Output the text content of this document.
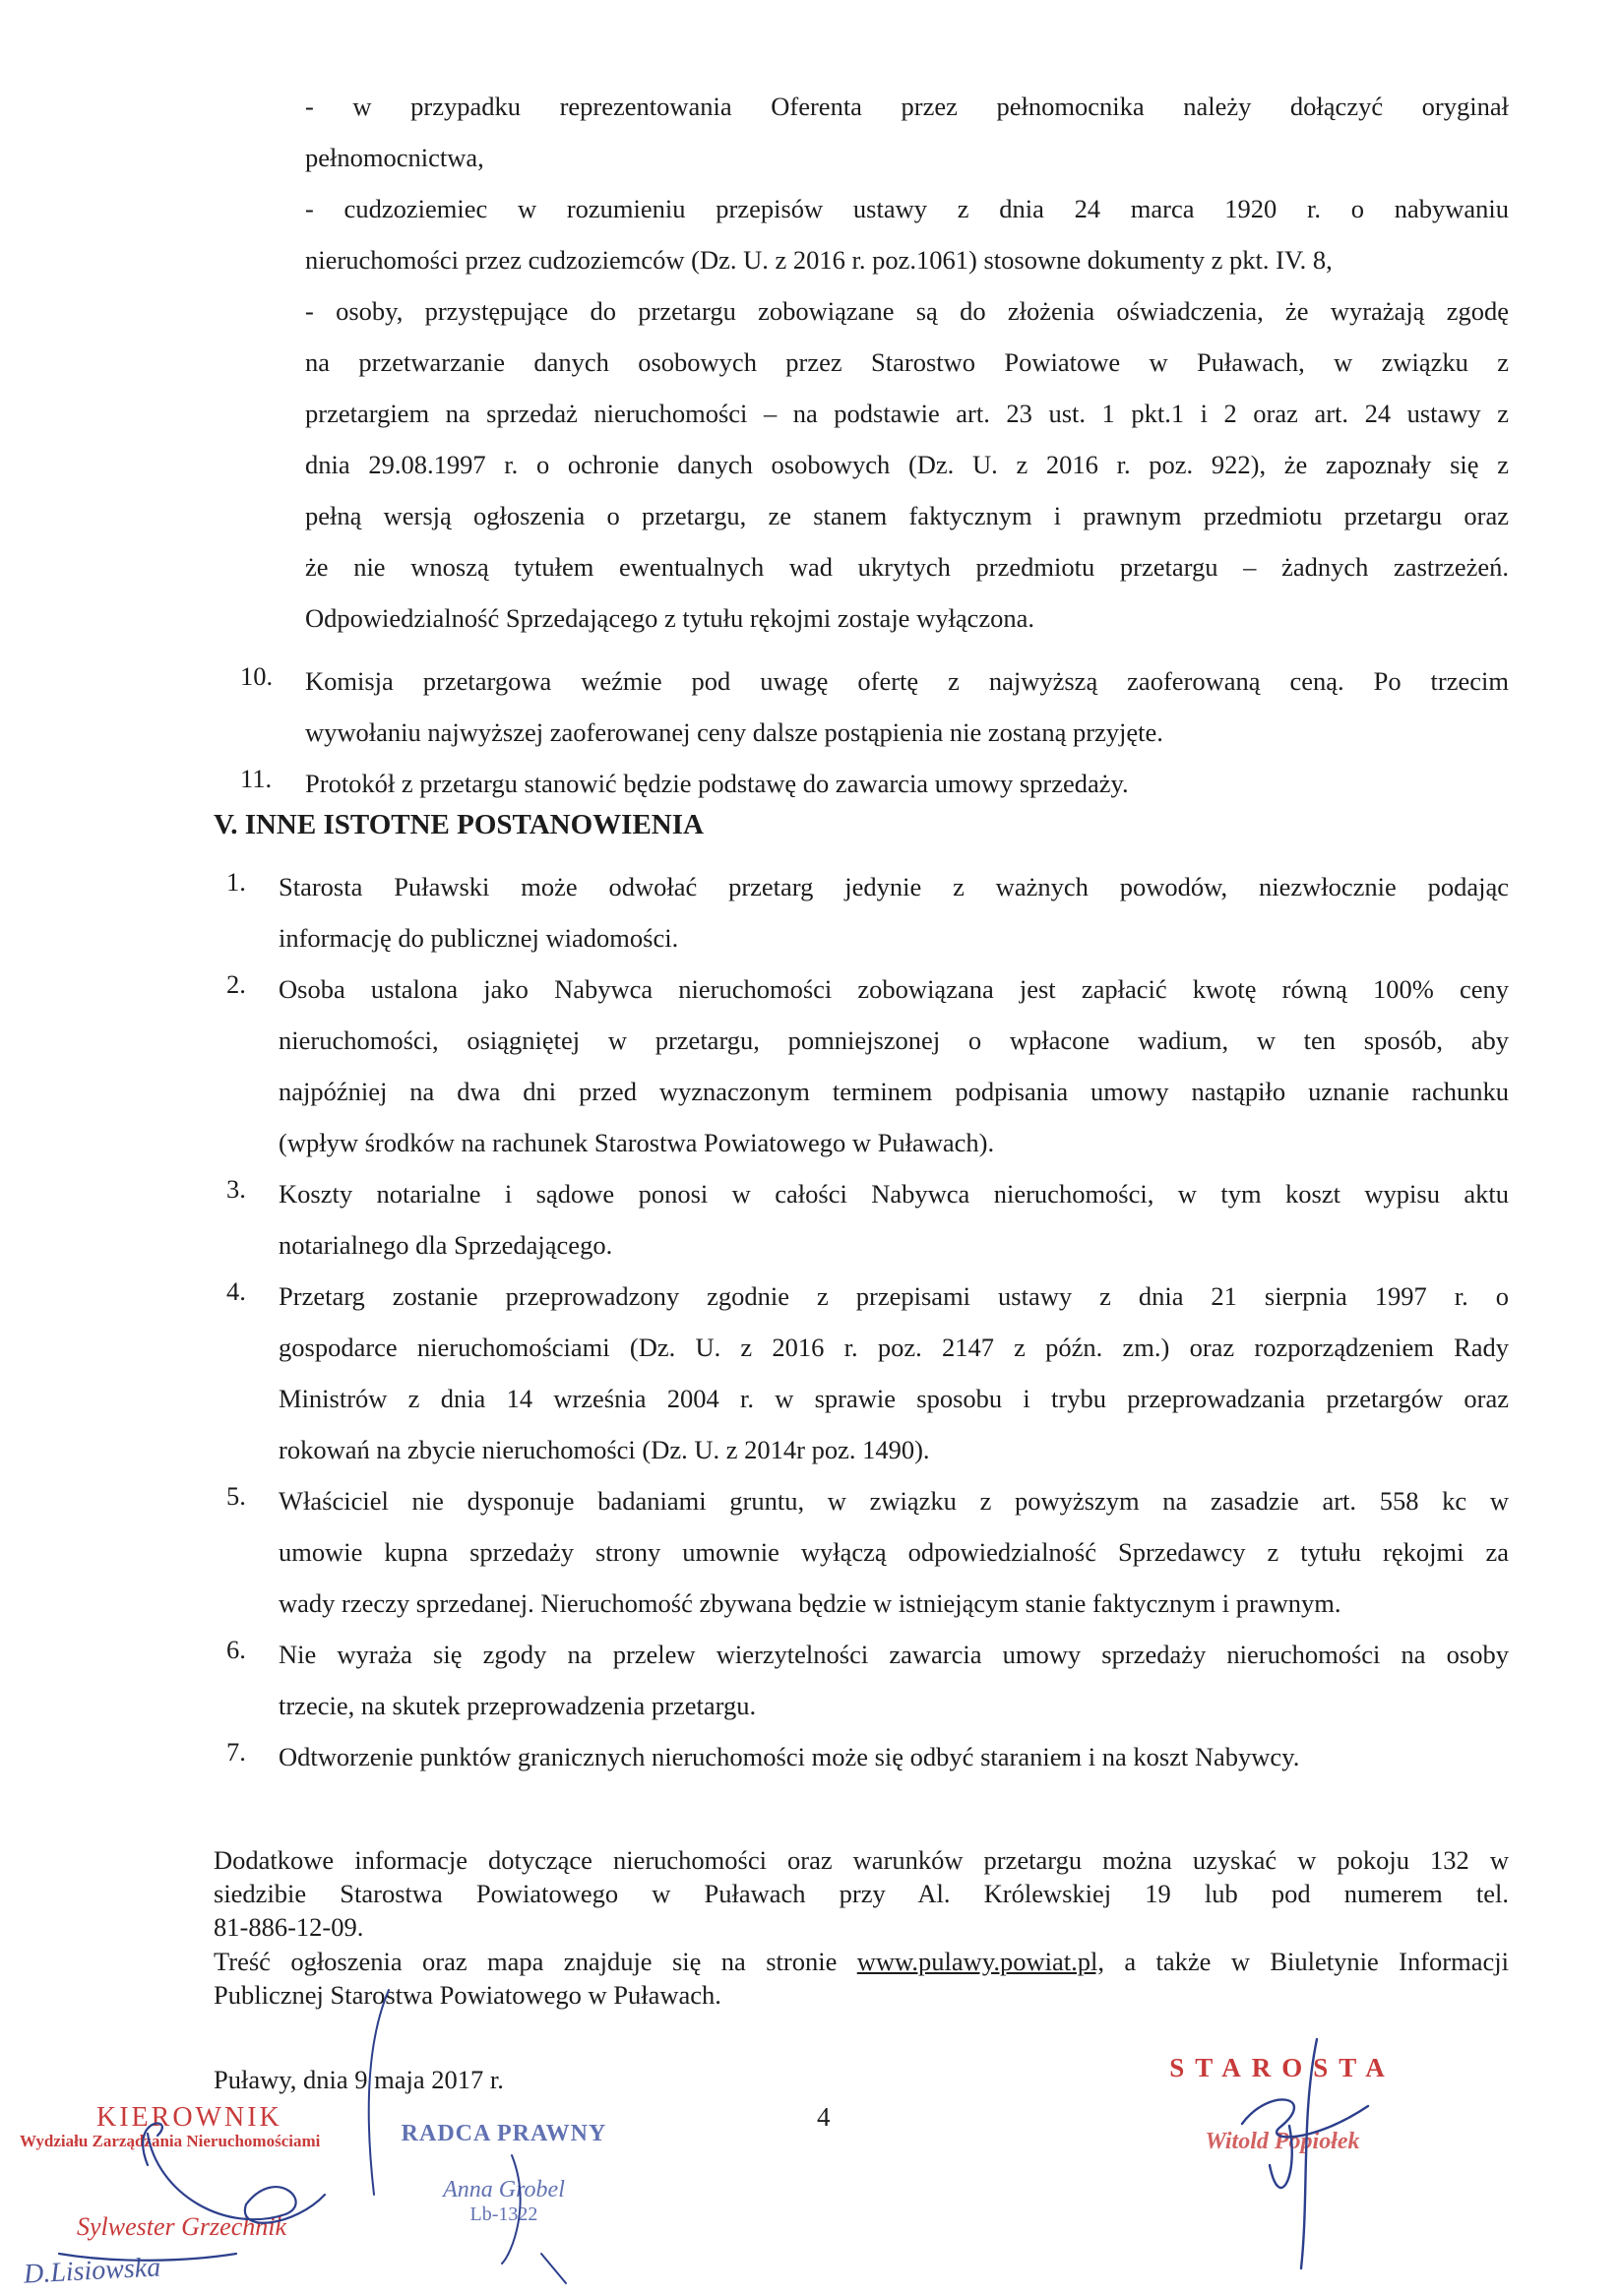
- w przypadku reprezentowania Oferenta przez pełnomocnika należy dołączyć oryginał
pełnomocnictwa,
- cudzoziemiec w rozumieniu przepisów ustawy z dnia 24 marca 1920 r. o nabywaniu
nieruchomości przez cudzoziemców (Dz. U. z 2016 r. poz.1061) stosowne dokumenty z pkt. IV. 8,
- osoby, przystępujące do przetargu zobowiązane są do złożenia oświadczenia, że wyrażają zgodę
na przetwarzanie danych osobowych przez Starostwo Powiatowe w Puławach, w związku z
przetargiem na sprzedaż nieruchomości – na podstawie art. 23 ust. 1 pkt.1 i 2 oraz art. 24 ustawy z
dnia 29.08.1997 r. o ochronie danych osobowych (Dz. U. z 2016 r. poz. 922), że zapoznały się z
pełną wersją ogłoszenia o przetargu, ze stanem faktycznym i prawnym przedmiotu przetargu oraz
że nie wnoszą tytułem ewentualnych wad ukrytych przedmiotu przetargu – żadnych zastrzeżeń.
Odpowiedzialność Sprzedającego z tytułu rękojmi zostaje wyłączona.
10. Komisja przetargowa weźmie pod uwagę ofertę z najwyższą zaoferowaną ceną. Po trzecim
wywołaniu najwyższej zaoferowanej ceny dalsze postąpienia nie zostaną przyjęte.
11. Protokół z przetargu stanowić będzie podstawę do zawarcia umowy sprzedaży.
V. INNE ISTOTNE POSTANOWIENIA
1. Starosta Puławski może odwołać przetarg jedynie z ważnych powodów, niezwłocznie podając
informację do publicznej wiadomości.
2. Osoba ustalona jako Nabywca nieruchomości zobowiązana jest zapłacić kwotę równą 100% ceny
nieruchomości, osiągniętej w przetargu, pomniejszonej o wpłacone wadium, w ten sposób, aby
najpóźniej na dwa dni przed wyznaczonym terminem podpisania umowy nastąpiło uznanie rachunku
(wpływ środków na rachunek Starostwa Powiatowego w Puławach).
3. Koszty notarialne i sądowe ponosi w całości Nabywca nieruchomości, w tym koszt wypisu aktu
notarialnego dla Sprzedającego.
4. Przetarg zostanie przeprowadzony zgodnie z przepisami ustawy z dnia 21 sierpnia 1997 r. o
gospodarce nieruchomościami (Dz. U. z 2016 r. poz. 2147 z późn. zm.) oraz rozporządzeniem Rady
Ministrów z dnia 14 września 2004 r. w sprawie sposobu i trybu przeprowadzania przetargów oraz
rokowań na zbycie nieruchomości (Dz. U. z 2014r poz. 1490).
5. Właściciel nie dysponuje badaniami gruntu, w związku z powyższym na zasadzie art. 558 kc w
umowie kupna sprzedaży strony umownie wyłączą odpowiedzialność Sprzedawcy z tytułu rękojmi za
wady rzeczy sprzedanej. Nieruchomość zbywana będzie w istniejącym stanie faktycznym i prawnym.
6. Nie wyraża się zgody na przelew wierzytelności zawarcia umowy sprzedaży nieruchomości na osoby
trzecie, na skutek przeprowadzenia przetargu.
7. Odtworzenie punktów granicznych nieruchomości może się odbyć staraniem i na koszt Nabywcy.
Dodatkowe informacje dotyczące nieruchomości oraz warunków przetargu można uzyskać w pokoju 132 w
siedzibie Starostwa Powiatowego w Puławach przy Al. Królewskiej 19 lub pod numerem tel.
81-886-12-09.
Treść ogłoszenia oraz mapa znajduje się na stronie www.pulawy.powiat.pl, a także w Biuletynie Informacji
Publicznej Starostwa Powiatowego w Puławach.
Puławy, dnia 9 maja 2017 r.
4
KIEROWNIK
Wydziału Zarządzania Nieruchomościami
Sylwester Grzechnik
D.Lisiowska
RADCA PRAWNY
Anna Grobel
Lb-1322
STAROSTA
Witold Popiołek
